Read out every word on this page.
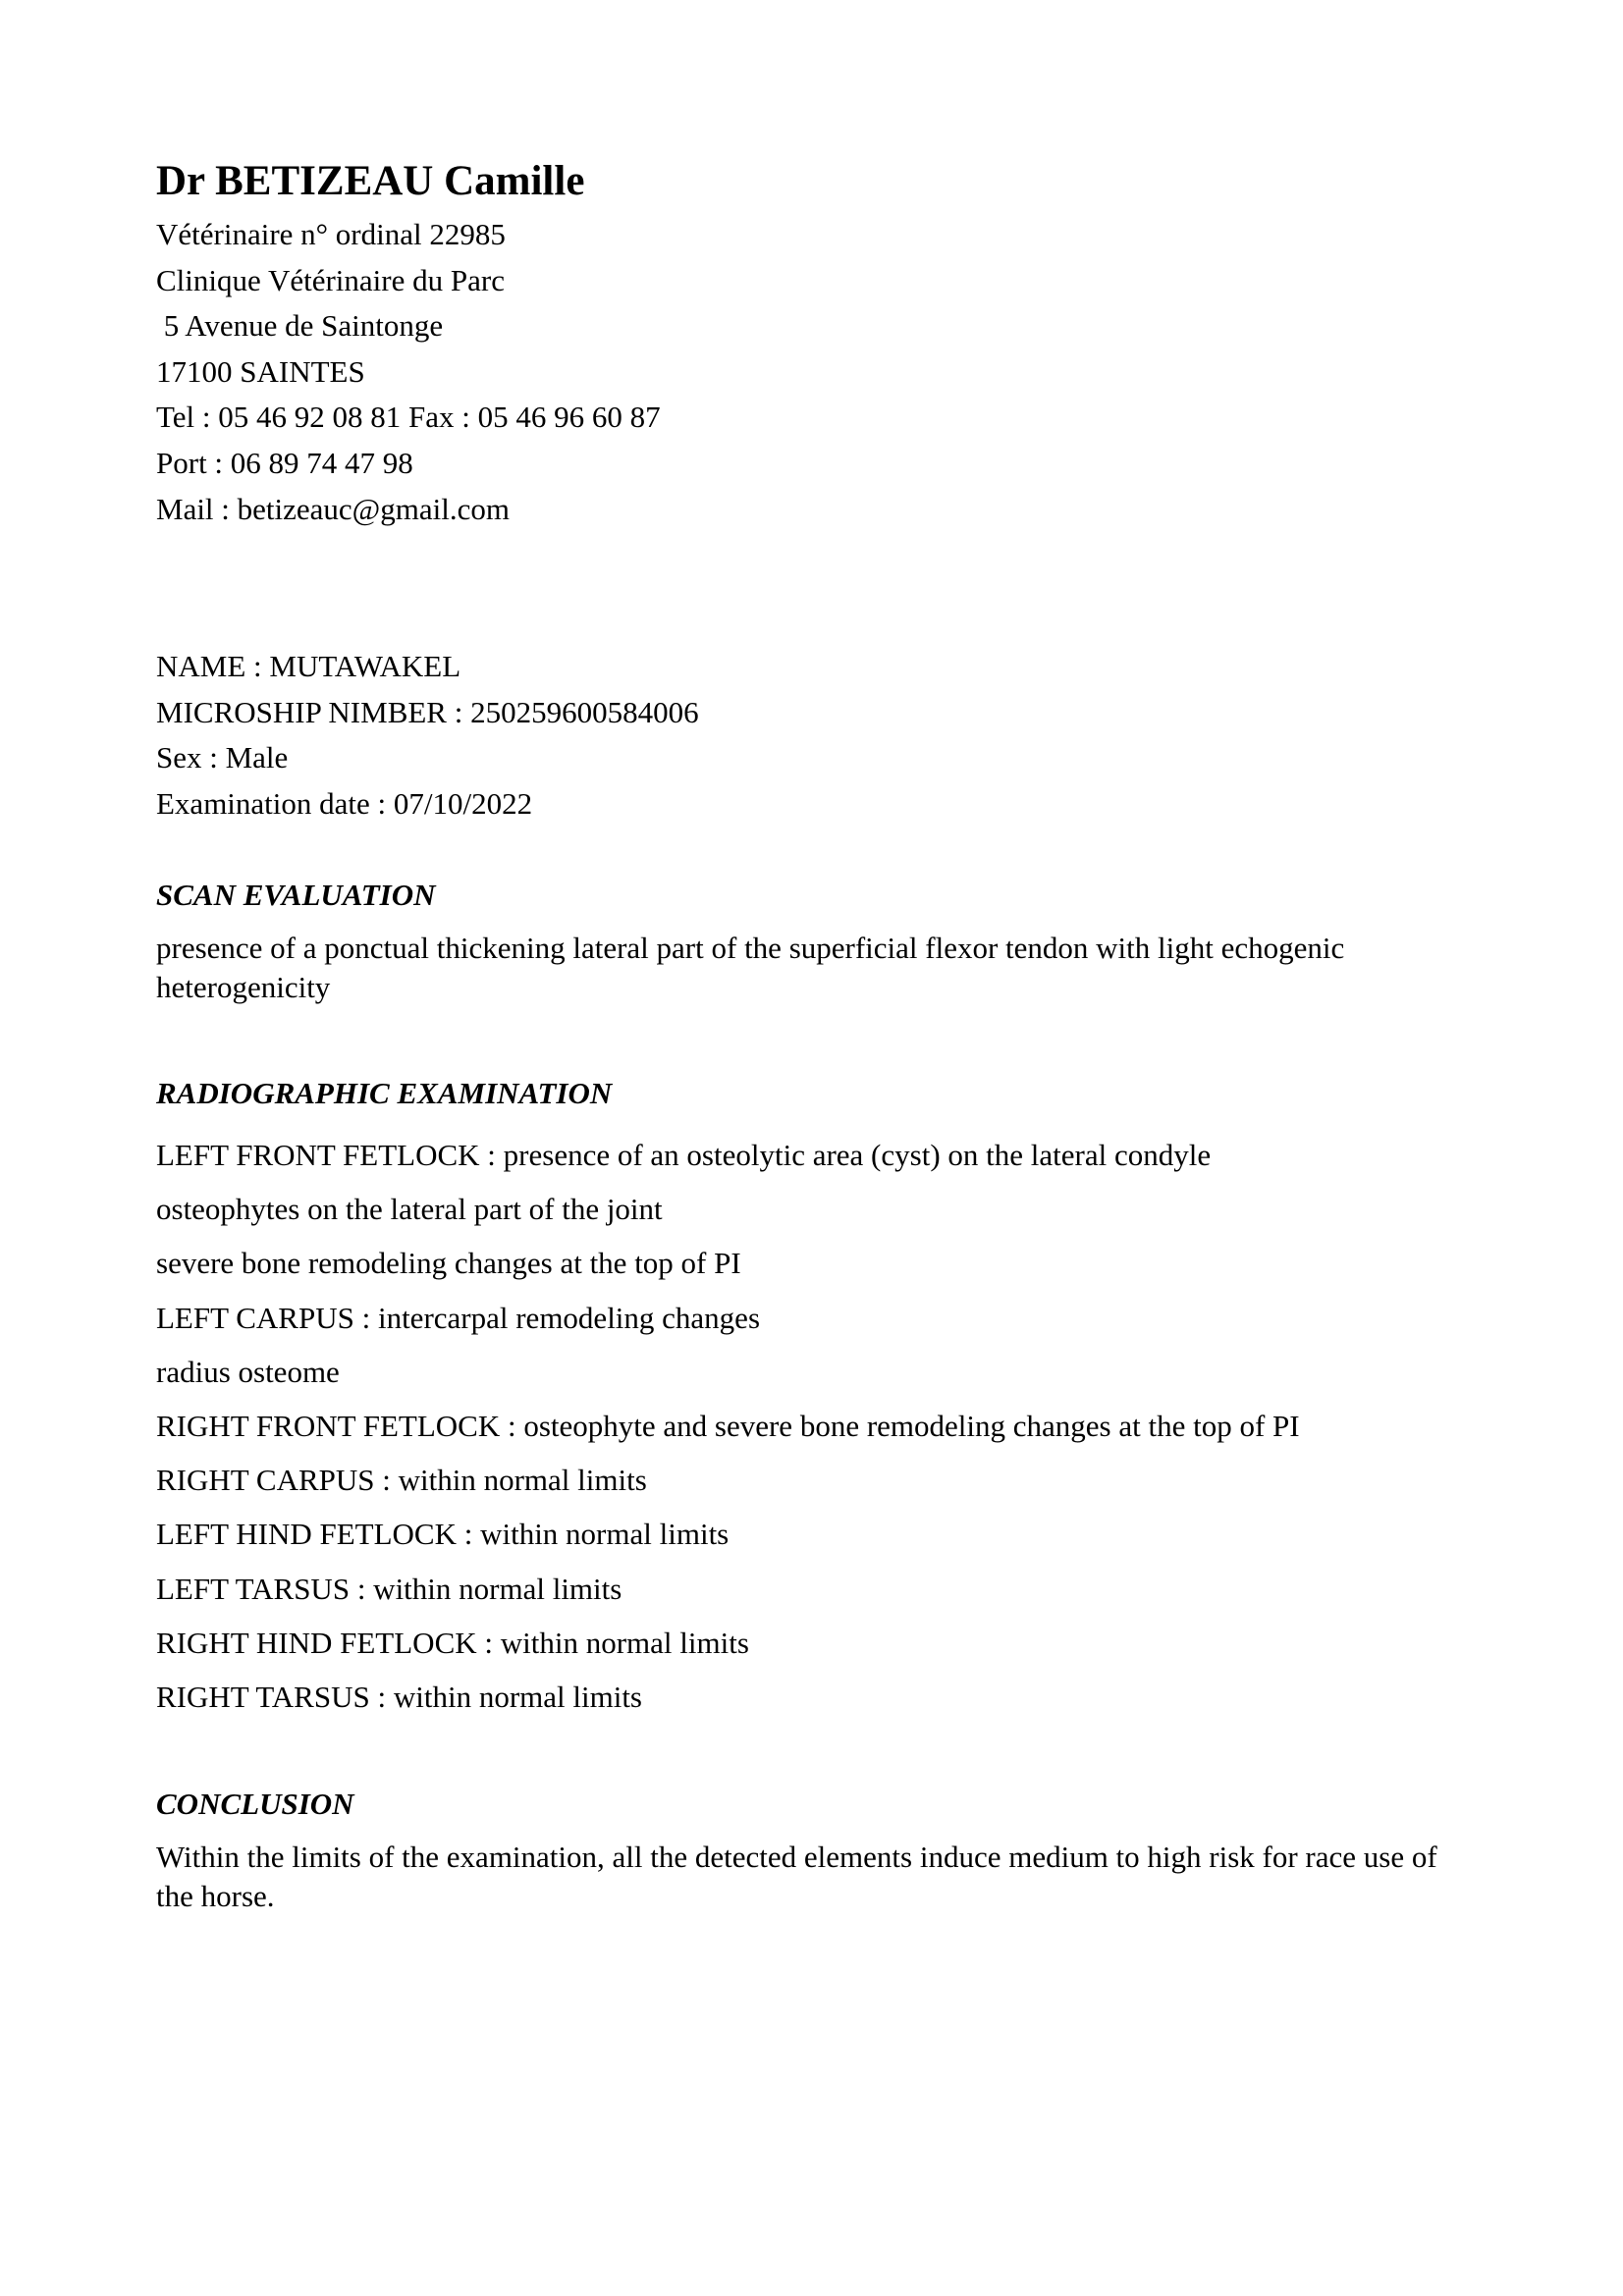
Dr BETIZEAU Camille
Vétérinaire n° ordinal 22985
Clinique Vétérinaire du Parc
5 Avenue de Saintonge
17100 SAINTES
Tel : 05 46 92 08 81 Fax : 05 46 96 60 87
Port : 06 89 74 47 98
Mail : betizeauc@gmail.com
NAME : MUTAWAKEL
MICROSHIP NIMBER : 250259600584006
Sex : Male
Examination date : 07/10/2022
SCAN EVALUATION
presence of a ponctual thickening lateral part of the superficial flexor tendon with light echogenic heterogenicity
RADIOGRAPHIC EXAMINATION
LEFT FRONT FETLOCK : presence of an osteolytic area (cyst) on the lateral condyle
osteophytes on the lateral part of the joint
severe bone remodeling changes at the top of PI
LEFT CARPUS : intercarpal remodeling changes
radius osteome
RIGHT FRONT FETLOCK : osteophyte and severe bone remodeling changes at the top of PI
RIGHT CARPUS : within normal limits
LEFT HIND FETLOCK : within normal limits
LEFT TARSUS : within normal limits
RIGHT HIND FETLOCK : within normal limits
RIGHT TARSUS : within normal limits
CONCLUSION
Within the limits of the examination, all the detected elements induce medium to high risk for race use of the horse.
